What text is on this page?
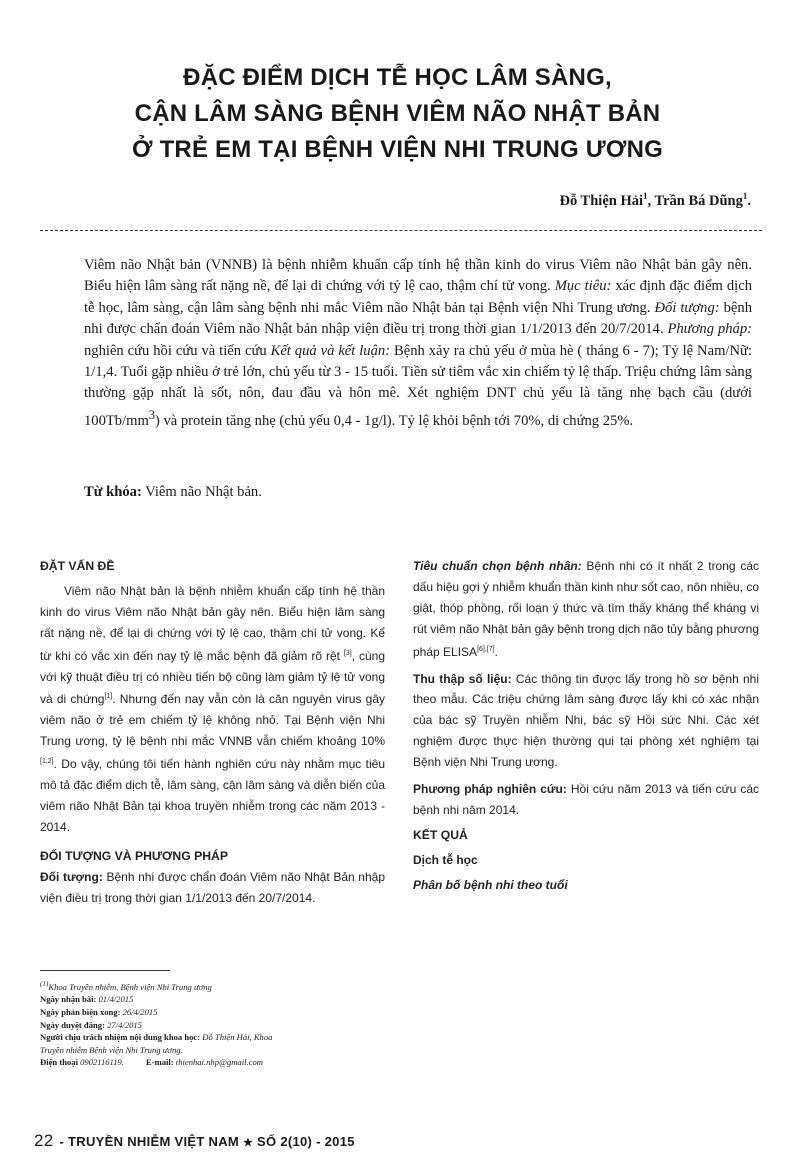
ĐẶC ĐIỂM DỊCH TỄ HỌC LÂM SÀNG,
CẬN LÂM SÀNG BỆNH VIÊM NÃO NHẬT BẢN
Ở TRẺ EM TẠI BỆNH VIỆN NHI TRUNG ƯƠNG
Đỗ Thiện Hải$^1$, Trần Bá Dũng$^1$.

Viêm não Nhật bản (VNNB) là bệnh nhiễm khuẩn cấp tính hệ thần kinh do virus Viêm não Nhật bản gây nên. Biểu hiện lâm sàng rất nặng nề, để lại di chứng với tỷ lệ cao, thậm chí tử vong. Mục tiêu: xác định đặc điểm dịch tễ học, lâm sàng, cận lâm sàng bệnh nhi mắc Viêm não Nhật bản tại Bệnh viện Nhi Trung ương. Đối tượng: bệnh nhi được chẩn đoán Viêm não Nhật bản nhập viện điều trị trong thời gian 1/1/2013 đến 20/7/2014. Phương pháp: nghiên cứu hồi cứu và tiến cứu Kết quả và kết luận: Bệnh xảy ra chủ yếu ở mùa hè ( tháng 6 - 7); Tỷ lệ Nam/Nữ: 1/1,4. Tuổi gặp nhiều ở trẻ lớn, chủ yếu từ 3 - 15 tuổi. Tiền sử tiêm vắc xin chiếm tỷ lệ thấp. Triệu chứng lâm sàng thường gặp nhất là sốt, nôn, đau đầu và hôn mê. Xét nghiệm DNT chủ yếu là tăng nhẹ bạch cầu (dưới $100Tb/mm^3$) và protein tăng nhẹ (chủ yếu 0,4 - 1g/l). Tỷ lệ khỏi bệnh tới 70%, di chứng 25%.

Từ khóa: Viêm não Nhật bản.

ĐẶT VẤN ĐỀ

Viêm não Nhật bản là bệnh nhiễm khuẩn cấp tính hệ thần kinh do virus Viêm não Nhật bản gây nên. Biểu hiện lâm sàng rất nặng nề, để lại di chứng với tỷ lệ cao, thậm chí tử vong. Kể từ khi có vắc xin đến nay tỷ lệ mắc bệnh đã giảm rõ rệt [3], cùng với kỹ thuật điều trị có nhiều tiến bộ cũng làm giảm tỷ lệ tử vong và di chứng[1]. Nhưng đến nay vẫn còn là căn nguyên virus gây viêm não ở trẻ em chiếm tỷ lệ không nhỏ. Tại Bệnh viện Nhi Trung ương, tỷ lệ bệnh nhi mắc VNNB vẫn chiếm khoảng 10%[1,2]. Do vậy, chúng tôi tiến hành nghiên cứu này nhằm mục tiêu mô tả đặc điểm dịch tễ, lâm sàng, cận lâm sàng và diễn biến của viêm não Nhật Bản tại khoa truyền nhiễm trong các năm 2013 - 2014.

ĐỐI TƯỢNG VÀ PHƯƠNG PHÁP

Đối tượng: Bệnh nhi được chẩn đoán Viêm não Nhật Bản nhập viện điều trị trong thời gian 1/1/2013 đến 20/7/2014.

Tiêu chuẩn chọn bệnh nhân: Bệnh nhi có ít nhất 2 trong các dấu hiệu gợi ý nhiễm khuẩn thần kinh như sốt cao, nôn nhiều, co giật, thóp phồng, rối loạn ý thức và tìm thấy kháng thể kháng vi rút viêm não Nhật bản gây bệnh trong dịch não tủy bằng phương pháp ELISA[6],[7].

Thu thập số liệu: Các thông tin được lấy trong hồ sơ bệnh nhi theo mẫu. Các triệu chứng lâm sàng được lấy khi có xác nhận của bác sỹ Truyền nhiễm Nhi, bác sỹ Hồi sức Nhi. Các xét nghiệm được thực hiện thường qui tại phòng xét nghiệm tại Bệnh viện Nhi Trung ương.

Phương pháp nghiên cứu: Hồi cứu năm 2013 và tiến cứu các bệnh nhi năm 2014.

KẾT QUẢ

Dịch tễ học

Phân bố bệnh nhi theo tuổi

$^{(1)}$Khoa Truyền nhiễm, Bệnh viện Nhi Trung ương
Ngày nhận bài: 01/4/2015
Ngày phản biện xong: 26/4/2015
Ngày duyệt đăng: 27/4/2015
Người chịu trách nhiệm nội dung khoa học: Đỗ Thiện Hải, Khoa
Truyền nhiễm Bệnh viện Nhi Trung ương.
Điện thoại 0902116119.	E-mail: thienhai.nhp@gmail.com
22 - TRUYỀN NHIỄM VIỆT NAM ★ SỐ 2(10) - 2015
